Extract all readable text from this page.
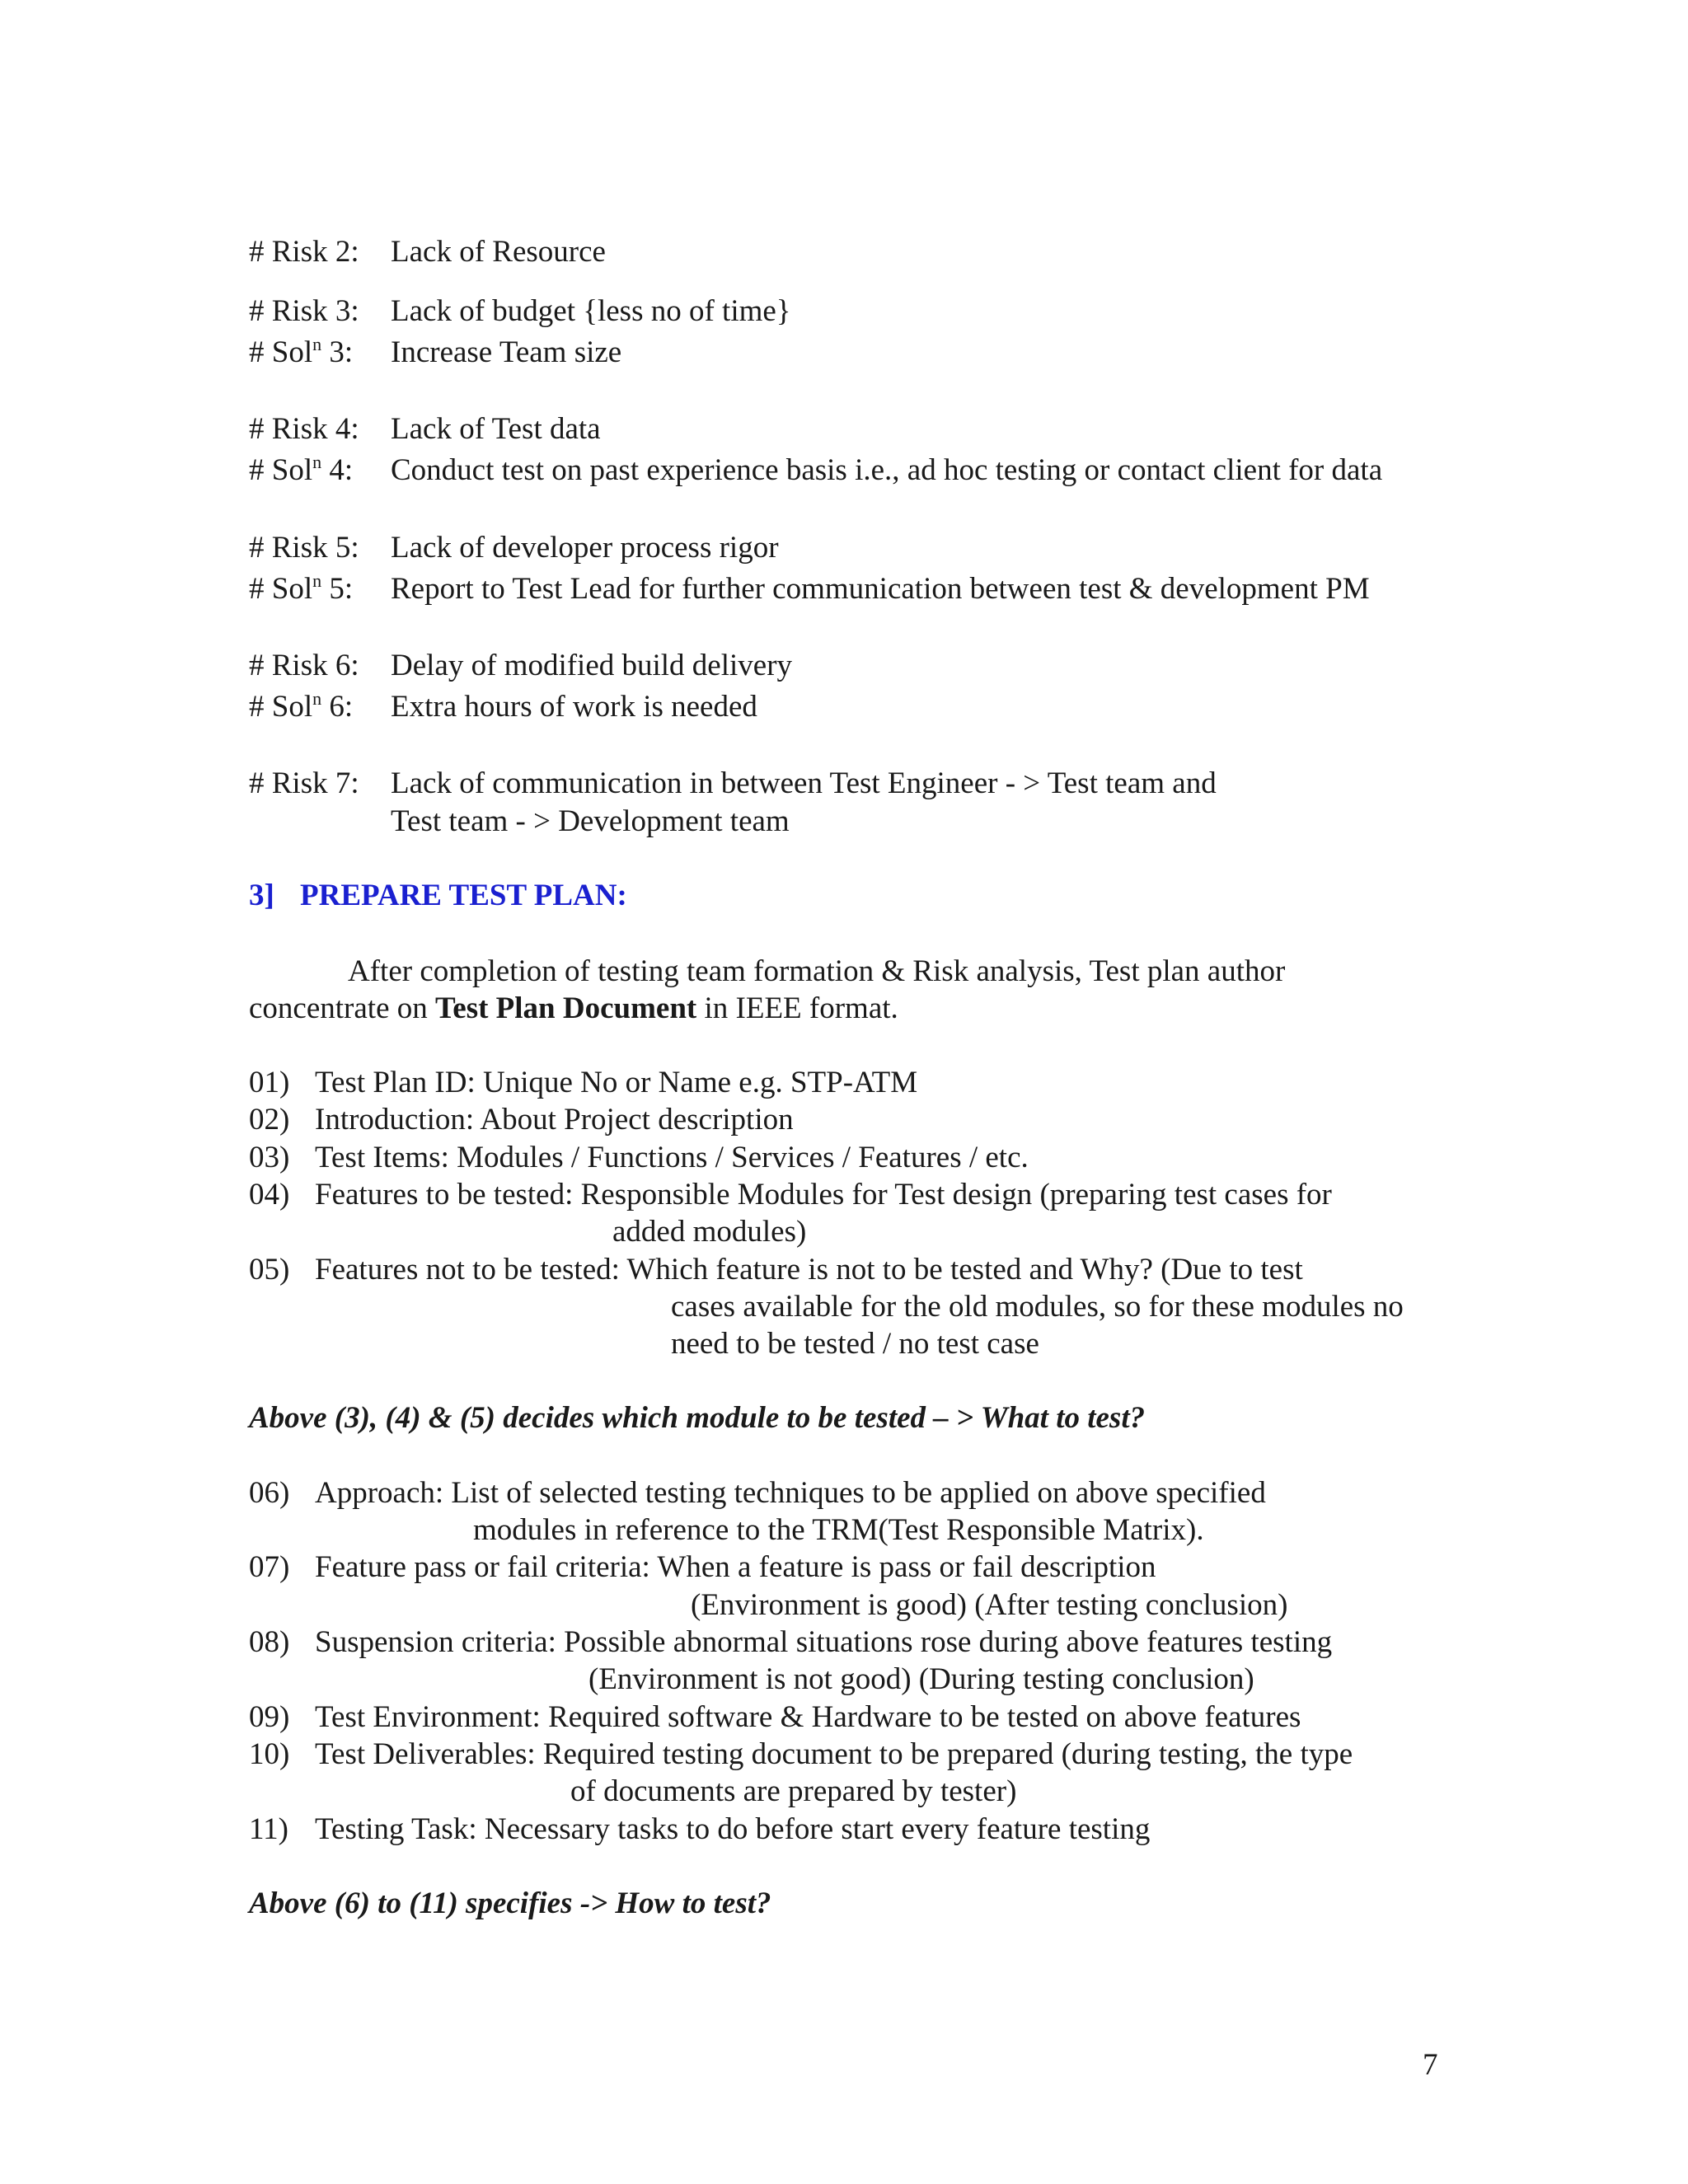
# Risk 2: Lack of Resource
# Risk 3: Lack of budget {less no of time}
# Sol$^n$ 3: Increase Team size
# Risk 4: Lack of Test data
# Sol$^n$ 4: Conduct test on past experience basis i.e., ad hoc testing or contact client for data
# Risk 5: Lack of developer process rigor
# Sol$^n$ 5: Report to Test Lead for further communication between test & development PM
# Risk 6: Delay of modified build delivery
# Sol$^n$ 6: Extra hours of work is needed
# Risk 7: Lack of communication in between Test Engineer - > Test team and
Test team - > Development team
3] PREPARE TEST PLAN:
After completion of testing team formation & Risk analysis, Test plan author
concentrate on Test Plan Document in IEEE format.
01) Test Plan ID: Unique No or Name e.g. STP-ATM
02) Introduction: About Project description
03) Test Items: Modules / Functions / Services / Features / etc.
04) Features to be tested: Responsible Modules for Test design (preparing test cases for
added modules)
05) Features not to be tested: Which feature is not to be tested and Why? (Due to test
cases available for the old modules, so for these modules no
need to be tested / no test case
Above (3), (4) & (5) decides which module to be tested – > What to test?
06) Approach: List of selected testing techniques to be applied on above specified
modules in reference to the TRM(Test Responsible Matrix).
07) Feature pass or fail criteria: When a feature is pass or fail description
(Environment is good) (After testing conclusion)
08) Suspension criteria: Possible abnormal situations rose during above features testing
(Environment is not good) (During testing conclusion)
09) Test Environment: Required software & Hardware to be tested on above features
10) Test Deliverables: Required testing document to be prepared (during testing, the type
of documents are prepared by tester)
11) Testing Task: Necessary tasks to do before start every feature testing
Above (6) to (11) specifies -> How to test?
7
